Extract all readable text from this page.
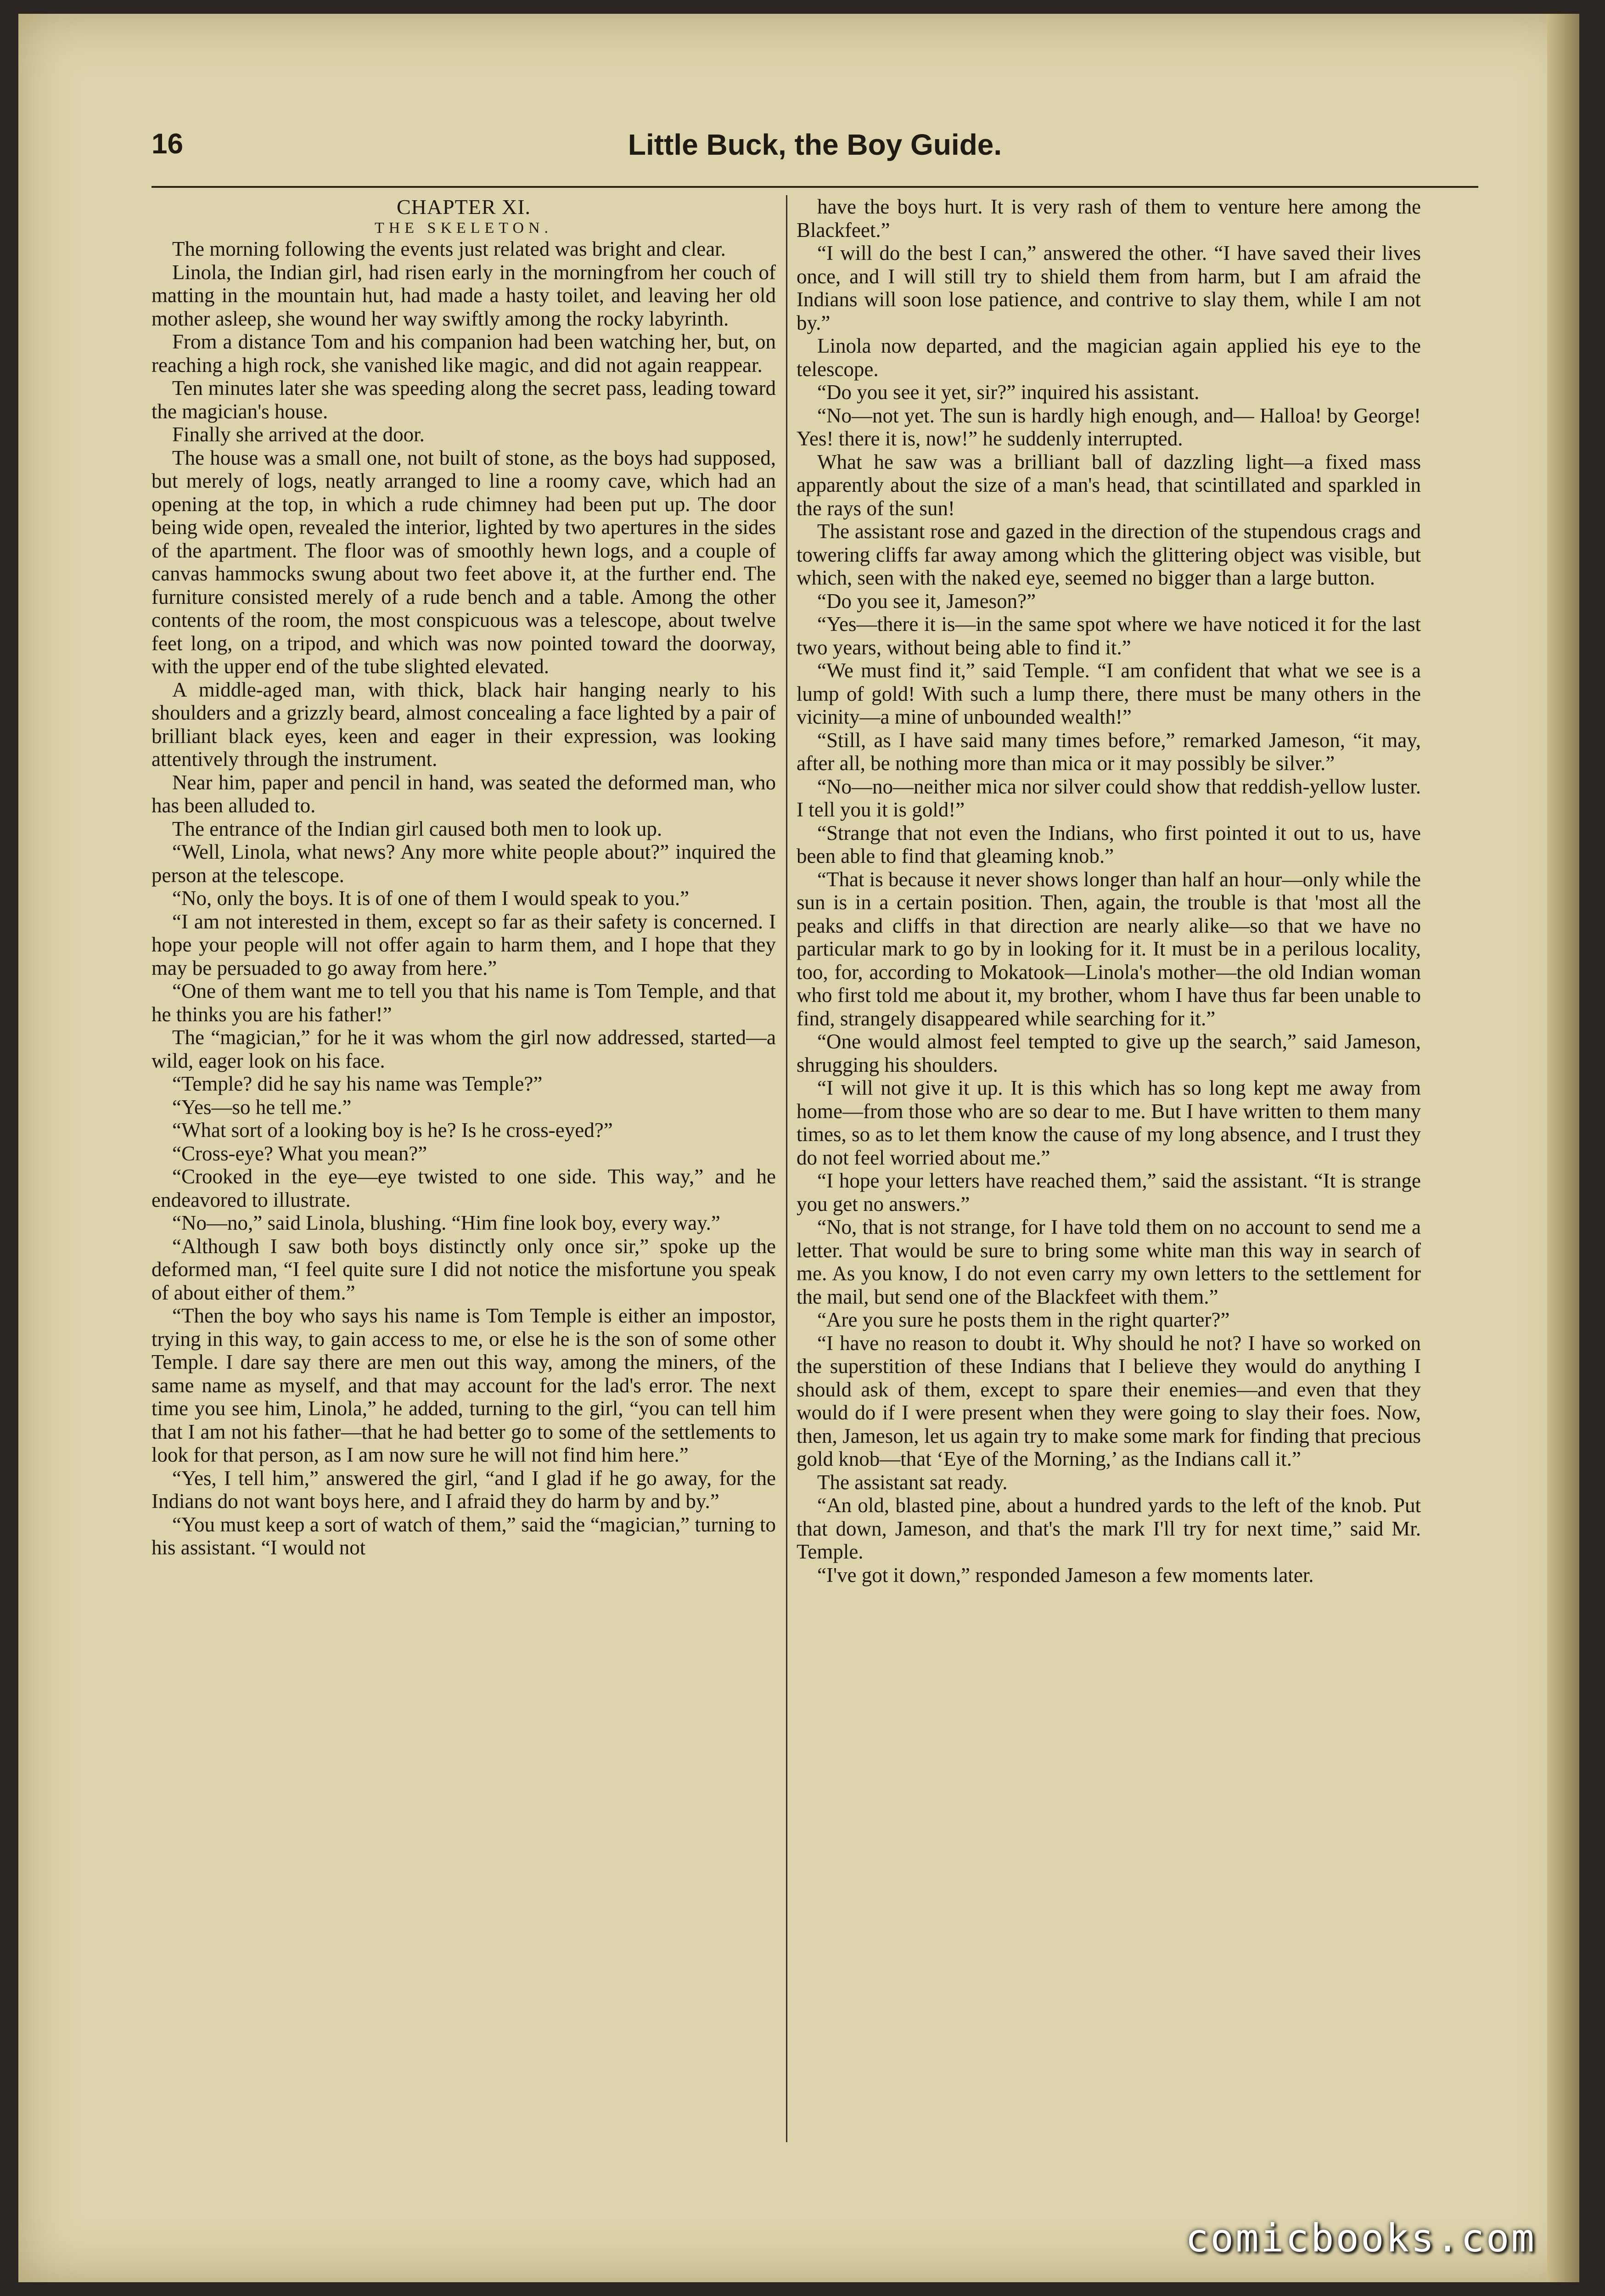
16	Little Buck, the Boy Guide.
CHAPTER XI.
THE SKELETON.

The morning following the events just related was bright and clear.

Linola, the Indian girl, had risen early in the morningfrom her couch of matting in the mountain hut, had made a hasty toilet, and leaving her old mother asleep, she wound her way swiftly among the rocky labyrinth.

From a distance Tom and his companion had been watching her, but, on reaching a high rock, she vanished like magic, and did not again reappear.

Ten minutes later she was speeding along the secret pass, leading toward the magician's house.

Finally she arrived at the door.

The house was a small one, not built of stone, as the boys had supposed, but merely of logs, neatly arranged to line a roomy cave, which had an opening at the top, in which a rude chimney had been put up. The door being wide open, revealed the interior, lighted by two apertures in the sides of the apartment. The floor was of smoothly hewn logs, and a couple of canvas hammocks swung about two feet above it, at the further end. The furniture consisted merely of a rude bench and a table. Among the other contents of the room, the most conspicuous was a telescope, about twelve feet long, on a tripod, and which was now pointed toward the doorway, with the upper end of the tube slighted elevated.

A middle-aged man, with thick, black hair hanging nearly to his shoulders and a grizzly beard, almost concealing a face lighted by a pair of brilliant black eyes, keen and eager in their expression, was looking attentively through the instrument.

Near him, paper and pencil in hand, was seated the deformed man, who has been alluded to.

The entrance of the Indian girl caused both men to look up.

“Well, Linola, what news? Any more white people about?” inquired the person at the telescope.

“No, only the boys. It is of one of them I would speak to you.”

“I am not interested in them, except so far as their safety is concerned. I hope your people will not offer again to harm them, and I hope that they may be persuaded to go away from here.”

“One of them want me to tell you that his name is Tom Temple, and that he thinks you are his father!”

The “magician,” for he it was whom the girl now addressed, started—a wild, eager look on his face.

“Temple? did he say his name was Temple?”

“Yes—so he tell me.”

“What sort of a looking boy is he? Is he cross-eyed?”

“Cross-eye? What you mean?”

“Crooked in the eye—eye twisted to one side. This way,” and he endeavored to illustrate.

“No—no,” said Linola, blushing. “Him fine look boy, every way.”

“Although I saw both boys distinctly only once sir,” spoke up the deformed man, “I feel quite sure I did not notice the misfortune you speak of about either of them.”

“Then the boy who says his name is Tom Temple is either an impostor, trying in this way, to gain access to me, or else he is the son of some other Temple. I dare say there are men out this way, among the miners, of the same name as myself, and that may account for the lad's error. The next time you see him, Linola,” he added, turning to the girl, “you can tell him that I am not his father—that he had better go to some of the settlements to look for that person, as I am now sure he will not find him here.”

“Yes, I tell him,” answered the girl, “and I glad if he go away, for the Indians do not want boys here, and I afraid they do harm by and by.”

“You must keep a sort of watch of them,” said the “magician,” turning to his assistant. “I would not

have the boys hurt. It is very rash of them to venture here among the Blackfeet.”

“I will do the best I can,” answered the other. “I have saved their lives once, and I will still try to shield them from harm, but I am afraid the Indians will soon lose patience, and contrive to slay them, while I am not by.”

Linola now departed, and the magician again applied his eye to the telescope.

“Do you see it yet, sir?” inquired his assistant.

“No—not yet. The sun is hardly high enough, and— Halloa! by George! Yes! there it is, now!” he suddenly interrupted.

What he saw was a brilliant ball of dazzling light—a fixed mass apparently about the size of a man's head, that scintillated and sparkled in the rays of the sun!

The assistant rose and gazed in the direction of the stupendous crags and towering cliffs far away among which the glittering object was visible, but which, seen with the naked eye, seemed no bigger than a large button.

“Do you see it, Jameson?”

“Yes—there it is—in the same spot where we have noticed it for the last two years, without being able to find it.”

“We must find it,” said Temple. “I am confident that what we see is a lump of gold! With such a lump there, there must be many others in the vicinity—a mine of unbounded wealth!”

“Still, as I have said many times before,” remarked Jameson, “it may, after all, be nothing more than mica or it may possibly be silver.”

“No—no—neither mica nor silver could show that reddish-yellow luster. I tell you it is gold!”

“Strange that not even the Indians, who first pointed it out to us, have been able to find that gleaming knob.”

“That is because it never shows longer than half an hour—only while the sun is in a certain position. Then, again, the trouble is that 'most all the peaks and cliffs in that direction are nearly alike—so that we have no particular mark to go by in looking for it. It must be in a perilous locality, too, for, according to Mokatook—Linola's mother—the old Indian woman who first told me about it, my brother, whom I have thus far been unable to find, strangely disappeared while searching for it.”

“One would almost feel tempted to give up the search,” said Jameson, shrugging his shoulders.

“I will not give it up. It is this which has so long kept me away from home—from those who are so dear to me. But I have written to them many times, so as to let them know the cause of my long absence, and I trust they do not feel worried about me.”

“I hope your letters have reached them,” said the assistant. “It is strange you get no answers.”

“No, that is not strange, for I have told them on no account to send me a letter. That would be sure to bring some white man this way in search of me. As you know, I do not even carry my own letters to the settlement for the mail, but send one of the Blackfeet with them.”

“Are you sure he posts them in the right quarter?”

“I have no reason to doubt it. Why should he not? I have so worked on the superstition of these Indians that I believe they would do anything I should ask of them, except to spare their enemies—and even that they would do if I were present when they were going to slay their foes. Now, then, Jameson, let us again try to make some mark for finding that precious gold knob—that ‘Eye of the Morning,’ as the Indians call it.”

The assistant sat ready.

“An old, blasted pine, about a hundred yards to the left of the knob. Put that down, Jameson, and that's the mark I'll try for next time,” said Mr. Temple.

“I've got it down,” responded Jameson a few moments later.

comicbooks.com
